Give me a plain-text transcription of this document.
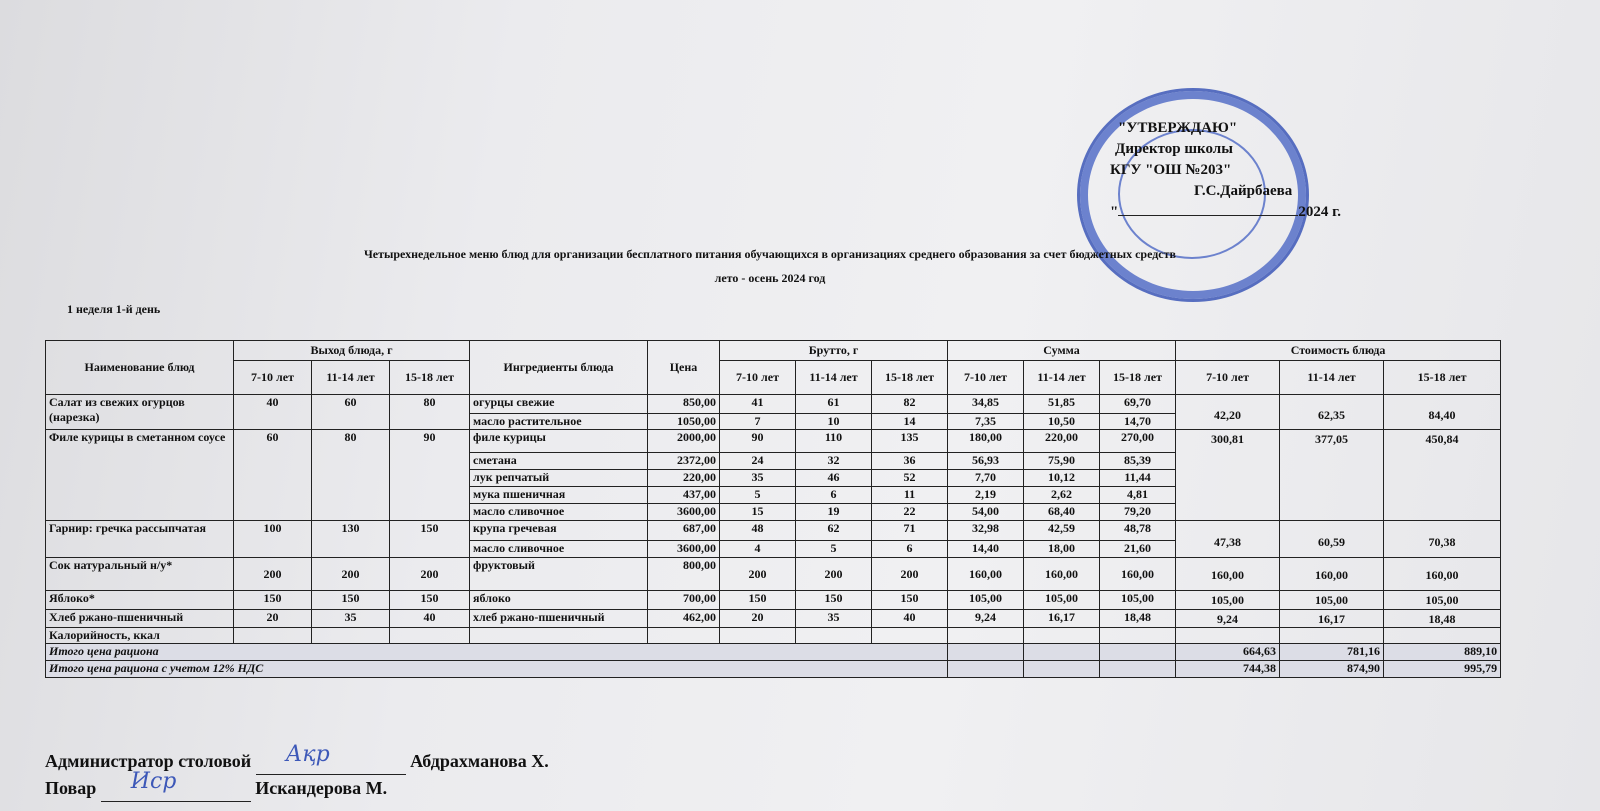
"УТВЕРЖДАЮ"
Директор школы
КГУ "ОШ №203"
Г.С.Дайрбаева
"	2024 г.
Четырехнедельное меню блюд для организации бесплатного питания обучающихся в организациях среднего образования за счет бюджетных средств
лето - осень 2024 год
1 неделя 1-й день
Наименование блюд	Выход блюда, г			Ингредиенты блюда	Цена	Брутто, г			Сумма			Стоимость блюда		
	7-10 лет	11-14 лет	15-18 лет			7-10 лет	11-14 лет	15-18 лет	7-10 лет	11-14 лет	15-18 лет	7-10 лет	11-14 лет	15-18 лет
Салат из свежих огурцов (нарезка)	40	60	80	огурцы свежие	850,00	41	61	82	34,85	51,85	69,70	42,20	62,35	84,40
				масло растительное	1050,00	7	10	14	7,35	10,50	14,70			
Филе курицы в сметанном соусе	60	80	90	филе курицы	2000,00	90	110	135	180,00	220,00	270,00	300,81	377,05	450,84
				сметана	2372,00	24	32	36	56,93	75,90	85,39			
				лук репчатый	220,00	35	46	52	7,70	10,12	11,44			
				мука пшеничная	437,00	5	6	11	2,19	2,62	4,81			
				масло сливочное	3600,00	15	19	22	54,00	68,40	79,20			
Гарнир: гречка рассыпчатая	100	130	150	крупа гречевая	687,00	48	62	71	32,98	42,59	48,78	47,38	60,59	70,38
				масло сливочное	3600,00	4	5	6	14,40	18,00	21,60			
Сок натуральный н/у*	200	200	200	фруктовый	800,00	200	200	200	160,00	160,00	160,00	160,00	160,00	160,00
Яблоко*	150	150	150	яблоко	700,00	150	150	150	105,00	105,00	105,00	105,00	105,00	105,00
Хлеб ржано-пшеничный	20	35	40	хлеб ржано-пшеничный	462,00	20	35	40	9,24	16,17	18,48	9,24	16,17	18,48
Калорийность, ккал														
Итого цена рациона												664,63	781,16	889,10
Итого цена рациона с учетом 12% НДС												744,38	874,90	995,79
Администратор столовой Ақр	Абдрахманова Х.
Повар Иср	Искандерова М.
